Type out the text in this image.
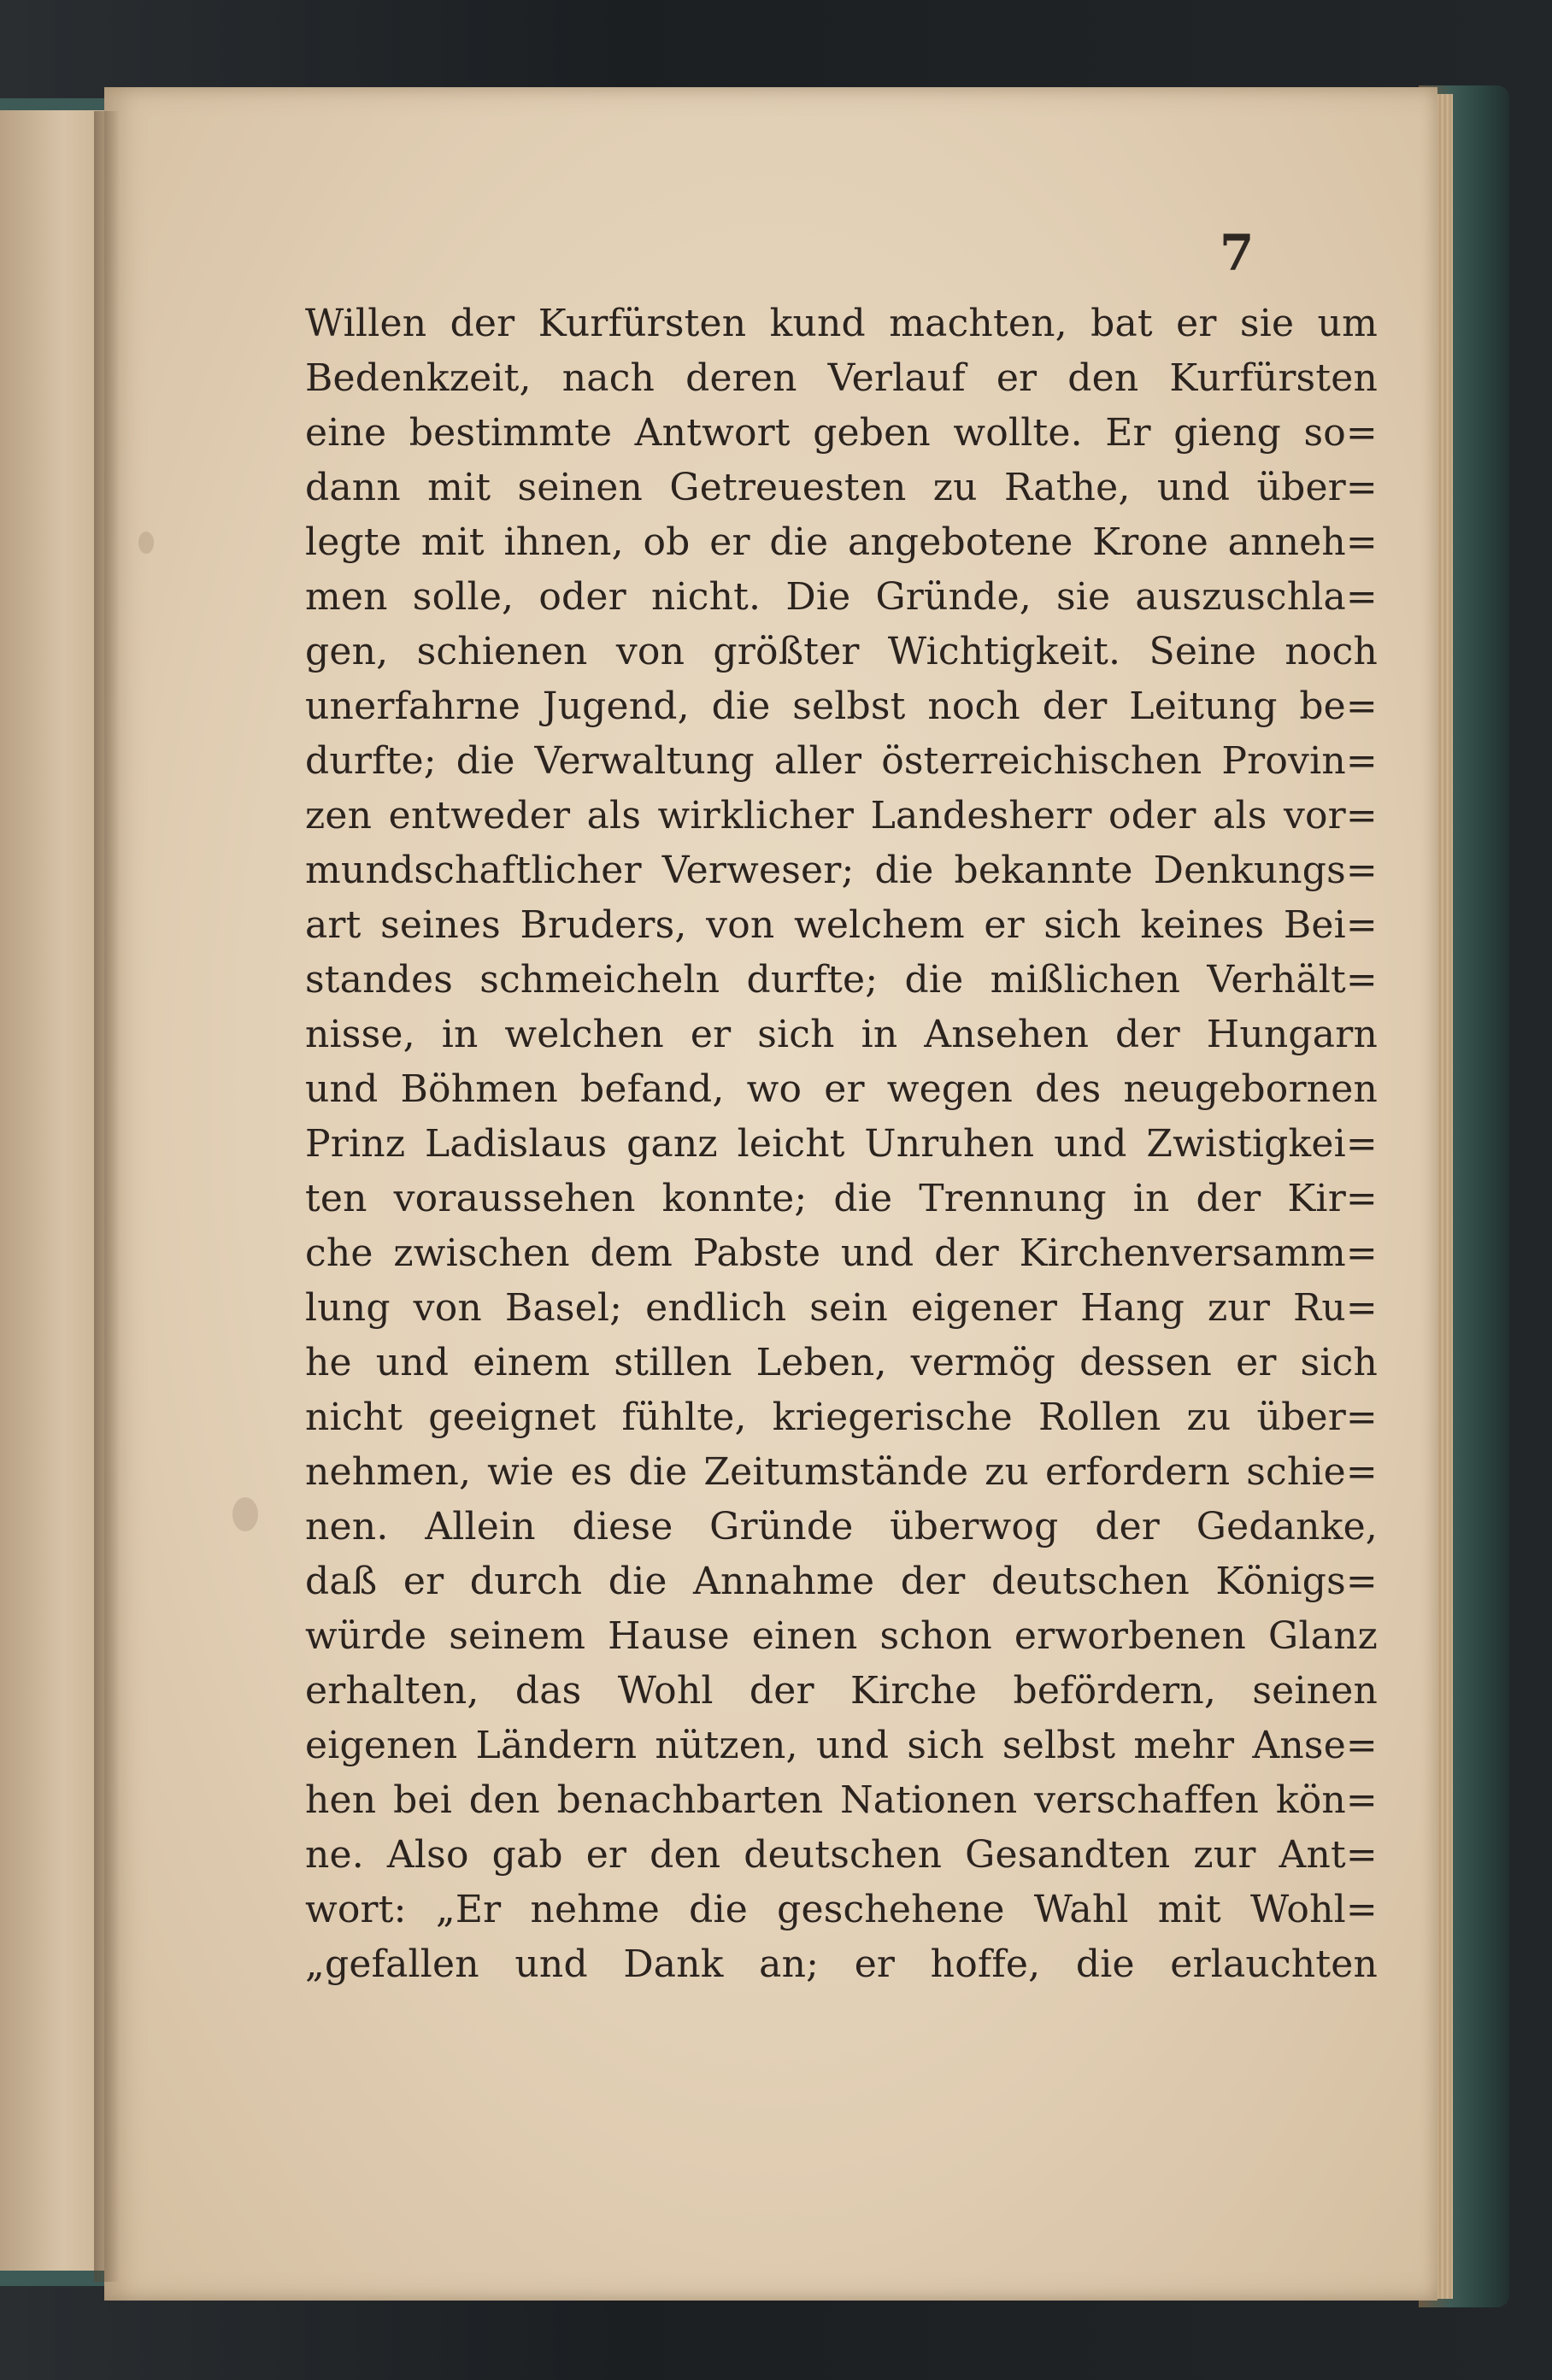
7

Willen der Kurfürsten kund machten, bat er sie um
Bedenkzeit, nach deren Verlauf er den Kurfürsten
eine bestimmte Antwort geben wollte. Er gieng so=
dann mit seinen Getreuesten zu Rathe, und über=
legte mit ihnen, ob er die angebotene Krone anneh=
men solle, oder nicht. Die Gründe, sie auszuschla=
gen, schienen von größter Wichtigkeit. Seine noch
unerfahrne Jugend, die selbst noch der Leitung be=
durfte; die Verwaltung aller österreichischen Provin=
zen entweder als wirklicher Landesherr oder als vor=
mundschaftlicher Verweser; die bekannte Denkungs=
art seines Bruders, von welchem er sich keines Bei=
standes schmeicheln durfte; die mißlichen Verhält=
nisse, in welchen er sich in Ansehen der Hungarn
und Böhmen befand, wo er wegen des neugebornen
Prinz Ladislaus ganz leicht Unruhen und Zwistigkei=
ten voraussehen konnte; die Trennung in der Kir=
che zwischen dem Pabste und der Kirchenversamm=
lung von Basel; endlich sein eigener Hang zur Ru=
he und einem stillen Leben, vermög dessen er sich
nicht geeignet fühlte, kriegerische Rollen zu über=
nehmen, wie es die Zeitumstände zu erfordern schie=
nen. Allein diese Gründe überwog der Gedanke,
daß er durch die Annahme der deutschen Königs=
würde seinem Hause einen schon erworbenen Glanz
erhalten, das Wohl der Kirche befördern, seinen
eigenen Ländern nützen, und sich selbst mehr Anse=
hen bei den benachbarten Nationen verschaffen kön=
ne. Also gab er den deutschen Gesandten zur Ant=
wort: „Er nehme die geschehene Wahl mit Wohl=
„gefallen und Dank an; er hoffe, die erlauchten
